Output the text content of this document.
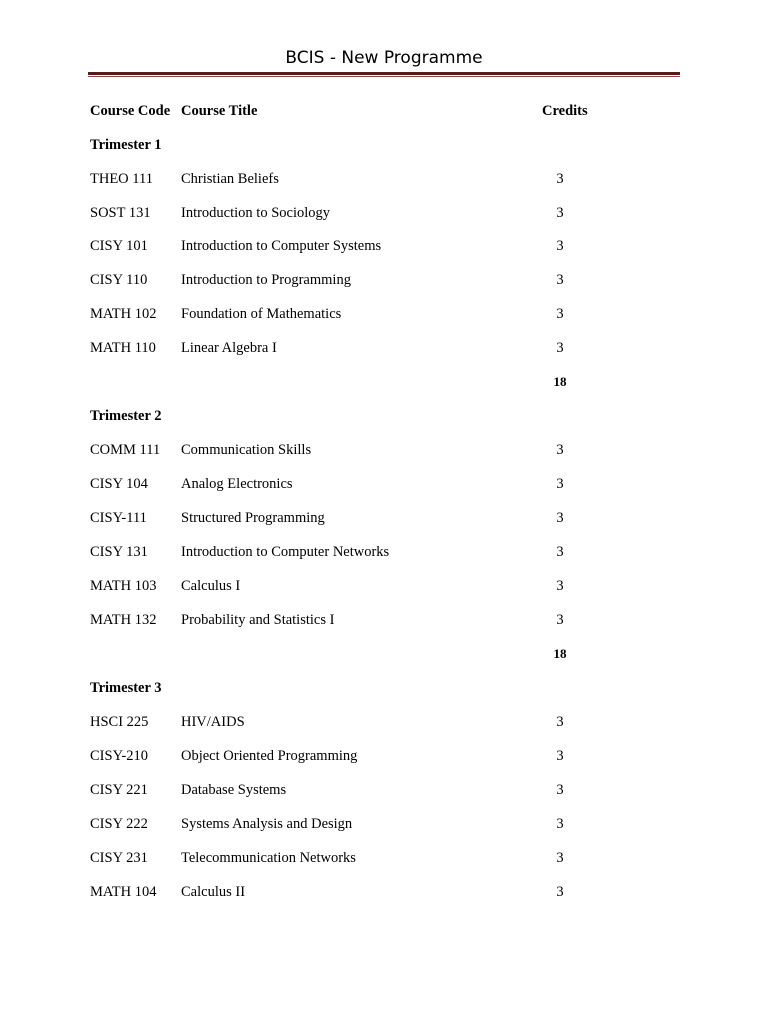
BCIS - New Programme
Course Code Course Title	Credits
Trimester 1
THEO 111 Christian Beliefs	3
SOST 131 Introduction to Sociology	3
CISY 101 Introduction to Computer Systems	3
CISY 110 Introduction to Programming	3
MATH 102 Foundation of Mathematics	3
MATH 110 Linear Algebra I	3
18
Trimester 2
COMM 111 Communication Skills	3
CISY 104 Analog Electronics	3
CISY-111 Structured Programming	3
CISY 131 Introduction to Computer Networks	3
MATH 103 Calculus I	3
MATH 132 Probability and Statistics I	3
18
Trimester 3
HSCI 225 HIV/AIDS	3
CISY-210 Object Oriented Programming	3
CISY 221 Database Systems	3
CISY 222 Systems Analysis and Design	3
CISY 231 Telecommunication Networks	3
MATH 104 Calculus II	3
